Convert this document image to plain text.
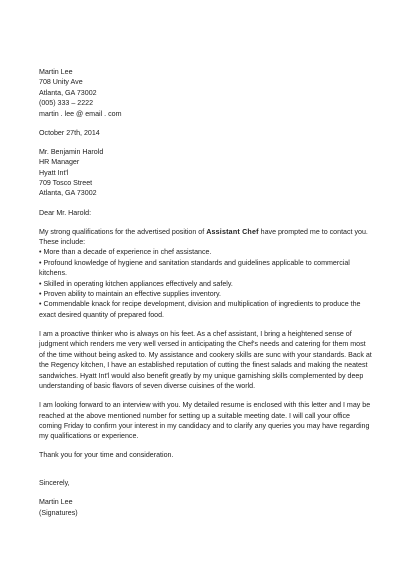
Martin Lee
708 Unity Ave
Atlanta, GA 73002
(005) 333 – 2222
martin . lee @ email . com
October 27th, 2014
Mr. Benjamin Harold
HR Manager
Hyatt Int'l
709 Tosco Street
Atlanta, GA 73002
Dear Mr. Harold:
My strong qualifications for the advertised position of Assistant Chef have prompted me to contact you. These include:
• More than a decade of experience in chef assistance.
• Profound knowledge of hygiene and sanitation standards and guidelines applicable to commercial kitchens.
• Skilled in operating kitchen appliances effectively and safely.
• Proven ability to maintain an effective supplies inventory.
• Commendable knack for recipe development, division and multiplication of ingredients to produce the exact desired quantity of prepared food.
I am a proactive thinker who is always on his feet. As a chef assistant, I bring a heightened sense of judgment which renders me very well versed in anticipating the Chef's needs and catering for them most of the time without being asked to. My assistance and cookery skills are sunc with your standards. Back at the Regency kitchen, I have an established reputation of cutting the finest salads and making the neatest sandwiches. Hyatt Int'l would also benefit greatly by my unique garnishing skills complemented by deep understanding of basic flavors of seven diverse cuisines of the world.
I am looking forward to an interview with you. My detailed resume is enclosed with this letter and I may be reached at the above mentioned number for setting up a suitable meeting date. I will call your office coming Friday to confirm your interest in my candidacy and to clarify any queries you may have regarding my qualifications or experience.
Thank you for your time and consideration.
Sincerely,
Martin Lee
(Signatures)
